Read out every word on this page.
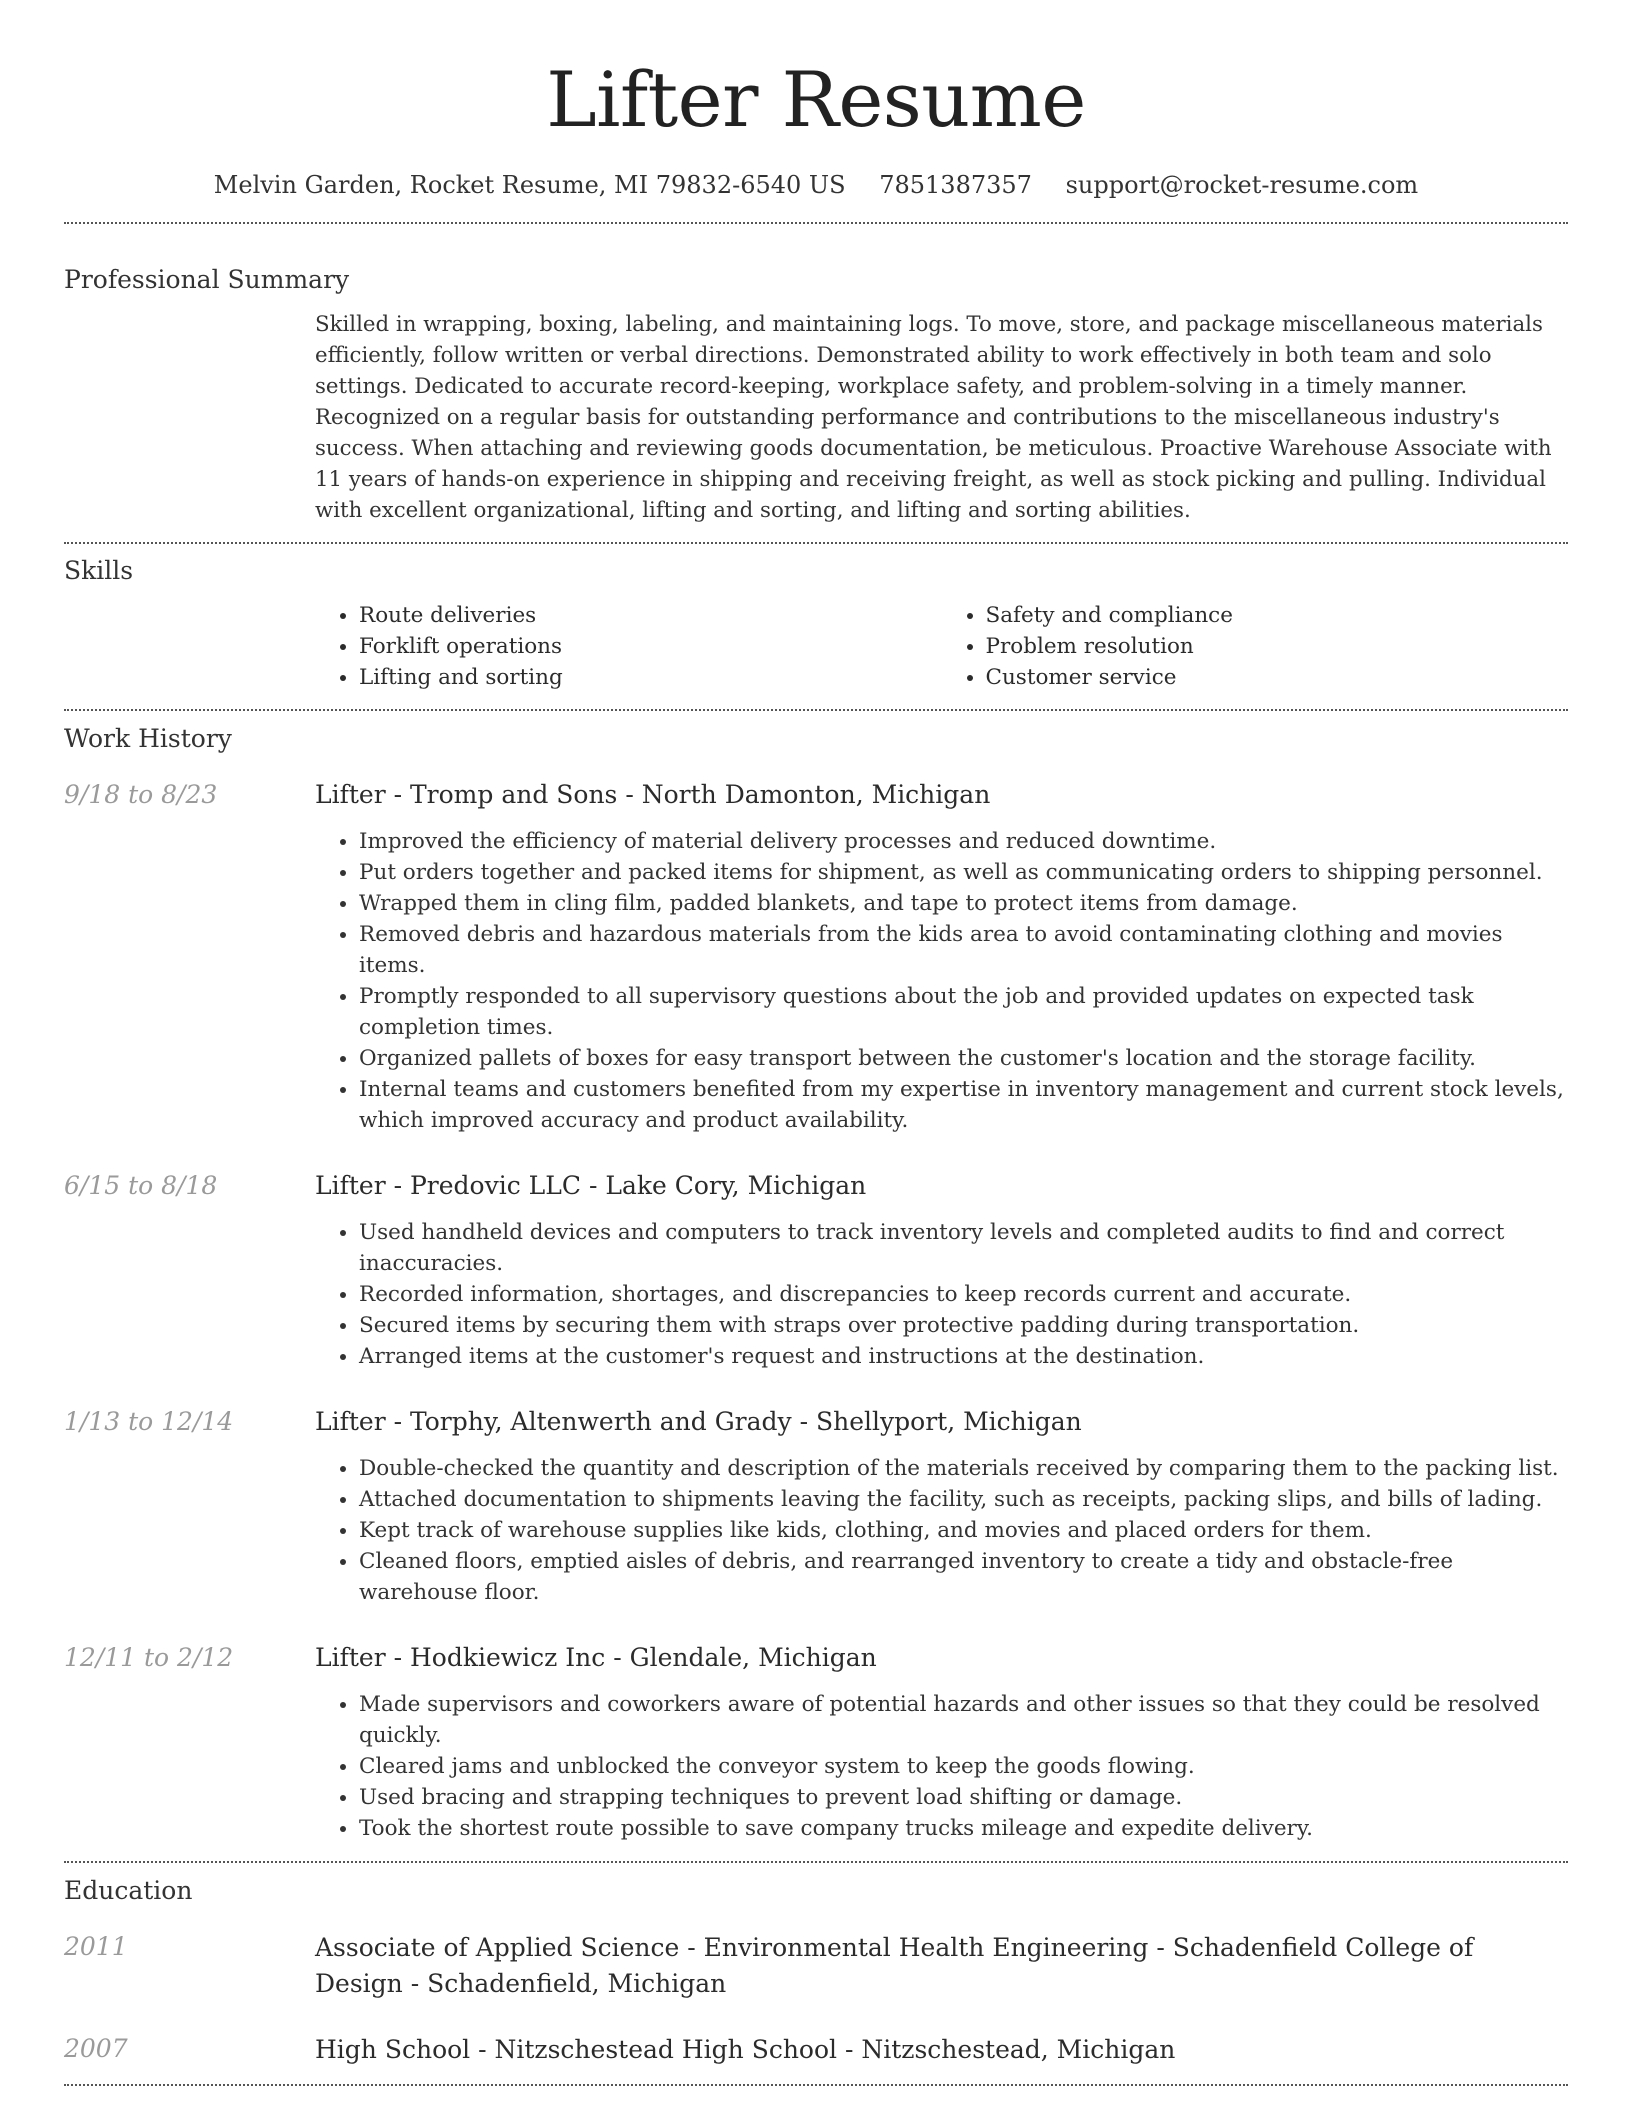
Lifter Resume
Melvin Garden, Rocket Resume, MI 79832-6540 US 7851387357 support@rocket-resume.com
Professional Summary
Skilled in wrapping, boxing, labeling, and maintaining logs. To move, store, and package miscellaneous materials efficiently, follow written or verbal directions. Demonstrated ability to work effectively in both team and solo settings. Dedicated to accurate record-keeping, workplace safety, and problem-solving in a timely manner. Recognized on a regular basis for outstanding performance and contributions to the miscellaneous industry's success. When attaching and reviewing goods documentation, be meticulous. Proactive Warehouse Associate with 11 years of hands-on experience in shipping and receiving freight, as well as stock picking and pulling. Individual with excellent organizational, lifting and sorting, and lifting and sorting abilities.
Skills
• Route deliveries
• Forklift operations
• Lifting and sorting
• Safety and compliance
• Problem resolution
• Customer service
Work History
9/18 to 8/23	Lifter - Tromp and Sons - North Damonton, Michigan
• Improved the efficiency of material delivery processes and reduced downtime.
• Put orders together and packed items for shipment, as well as communicating orders to shipping personnel.
• Wrapped them in cling film, padded blankets, and tape to protect items from damage.
• Removed debris and hazardous materials from the kids area to avoid contaminating clothing and movies items.
• Promptly responded to all supervisory questions about the job and provided updates on expected task completion times.
• Organized pallets of boxes for easy transport between the customer's location and the storage facility.
• Internal teams and customers benefited from my expertise in inventory management and current stock levels, which improved accuracy and product availability.
6/15 to 8/18	Lifter - Predovic LLC - Lake Cory, Michigan
• Used handheld devices and computers to track inventory levels and completed audits to find and correct inaccuracies.
• Recorded information, shortages, and discrepancies to keep records current and accurate.
• Secured items by securing them with straps over protective padding during transportation.
• Arranged items at the customer's request and instructions at the destination.
1/13 to 12/14	Lifter - Torphy, Altenwerth and Grady - Shellyport, Michigan
• Double-checked the quantity and description of the materials received by comparing them to the packing list.
• Attached documentation to shipments leaving the facility, such as receipts, packing slips, and bills of lading.
• Kept track of warehouse supplies like kids, clothing, and movies and placed orders for them.
• Cleaned floors, emptied aisles of debris, and rearranged inventory to create a tidy and obstacle-free warehouse floor.
12/11 to 2/12	Lifter - Hodkiewicz Inc - Glendale, Michigan
• Made supervisors and coworkers aware of potential hazards and other issues so that they could be resolved quickly.
• Cleared jams and unblocked the conveyor system to keep the goods flowing.
• Used bracing and strapping techniques to prevent load shifting or damage.
• Took the shortest route possible to save company trucks mileage and expedite delivery.
Education
2011	Associate of Applied Science - Environmental Health Engineering - Schadenfield College of Design - Schadenfield, Michigan
2007	High School - Nitzschestead High School - Nitzschestead, Michigan
